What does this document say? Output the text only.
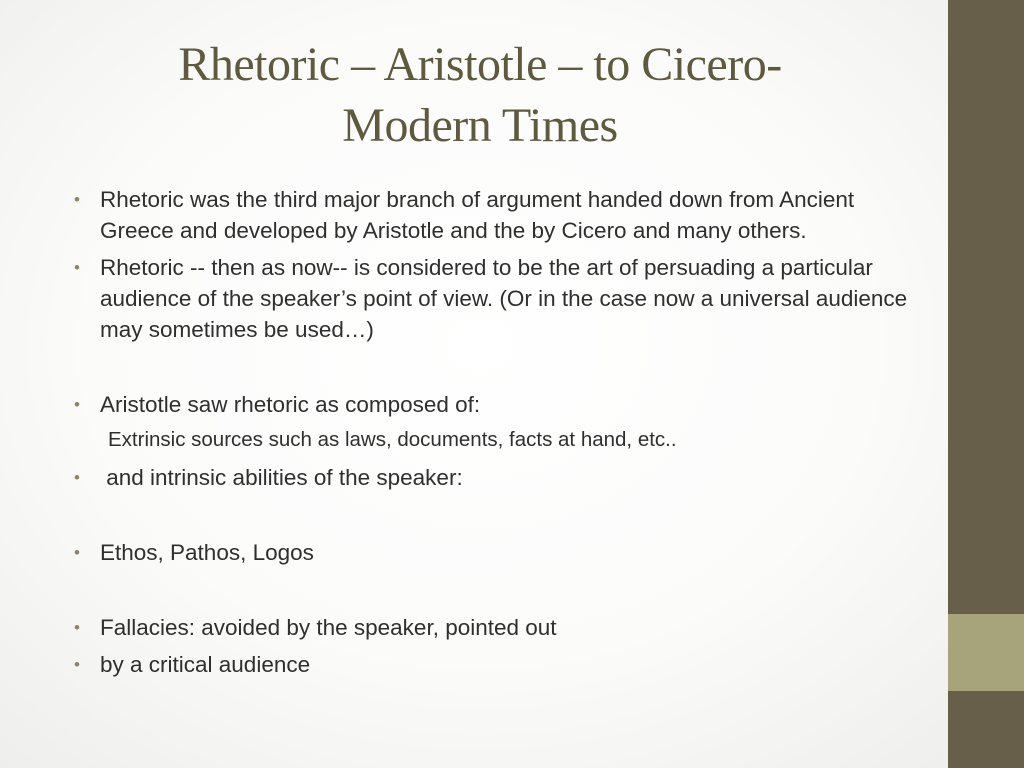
Rhetoric – Aristotle – to Cicero-
Modern Times
• Rhetoric was the third major branch of argument handed down from Ancient Greece and developed by Aristotle and the by Cicero and many others.
• Rhetoric -- then as now-- is considered to be the art of persuading a particular audience of the speaker’s point of view. (Or in the case now a universal audience may sometimes be used…)
• Aristotle saw rhetoric as composed of:
Extrinsic sources such as laws, documents, facts at hand, etc..
• and intrinsic abilities of the speaker:
• Ethos, Pathos, Logos
• Fallacies: avoided by the speaker, pointed out
• by a critical audience
